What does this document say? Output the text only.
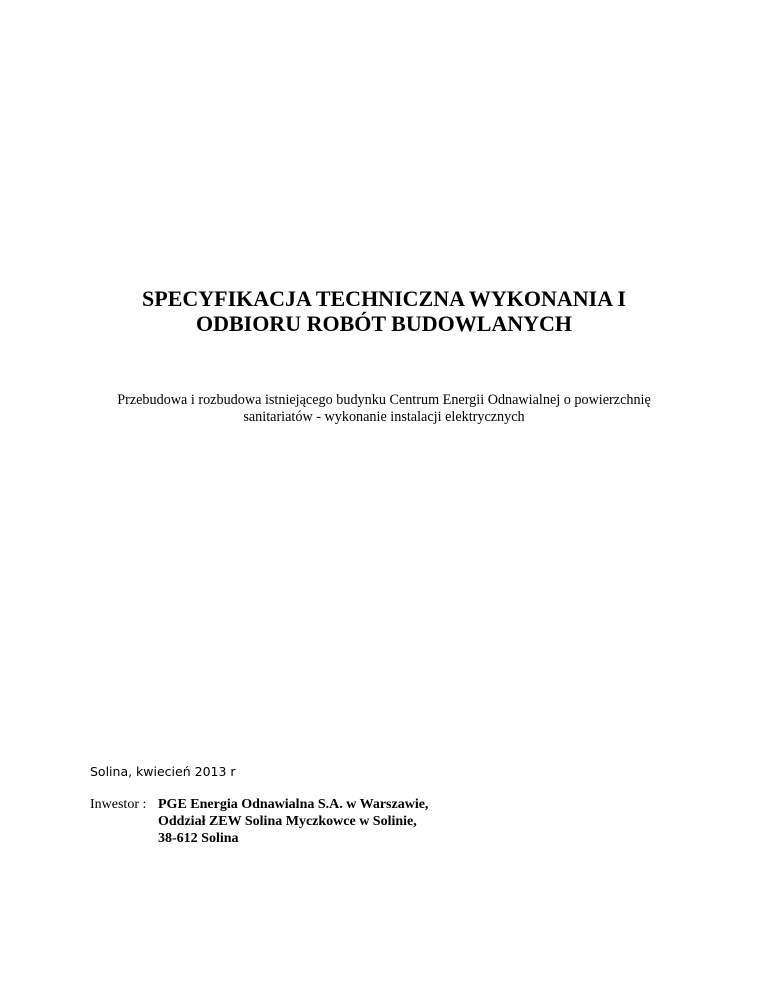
SPECYFIKACJA TECHNICZNA WYKONANIA I
ODBIORU ROBÓT BUDOWLANYCH

Przebudowa i rozbudowa istniejącego budynku Centrum Energii Odnawialnej o powierzchnię
sanitariatów - wykonanie instalacji elektrycznych

Solina, kwiecień 2013 r

Inwestor : PGE Energia Odnawialna S.A. w Warszawie,
Oddział ZEW Solina Myczkowce w Solinie,
38-612 Solina
